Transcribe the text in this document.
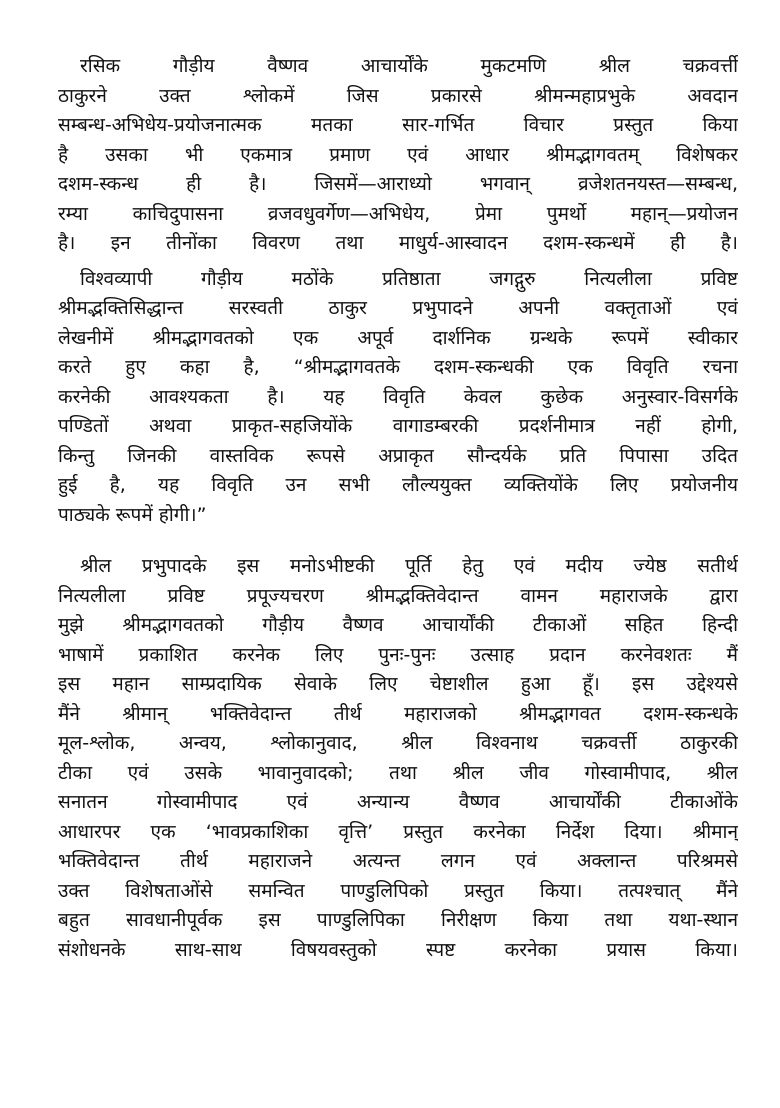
रसिक गौड़ीय वैष्णव आचार्योंके मुकटमणि श्रील चक्रवर्त्ती
ठाकुरने उक्त श्लोकमें जिस प्रकारसे श्रीमन्महाप्रभुके अवदान
सम्बन्ध-अभिधेय-प्रयोजनात्मक मतका सार-गर्भित विचार प्रस्तुत किया
है उसका भी एकमात्र प्रमाण एवं आधार श्रीमद्भागवतम् विशेषकर
दशम-स्कन्ध ही है। जिसमें—आराध्यो भगवान् व्रजेशतनयस्त—सम्बन्ध,
रम्या काचिदुपासना व्रजवधुवर्गेण—अभिधेय, प्रेमा पुमर्थो महान्—प्रयोजन
है। इन तीनोंका विवरण तथा माधुर्य-आस्वादन दशम-स्कन्धमें ही है।
विश्वव्यापी गौड़ीय मठोंके प्रतिष्ठाता जगद्गुरु नित्यलीला प्रविष्ट
श्रीमद्भक्तिसिद्धान्त सरस्वती ठाकुर प्रभुपादने अपनी वक्तृताओं एवं
लेखनीमें श्रीमद्भागवतको एक अपूर्व दार्शनिक ग्रन्थके रूपमें स्वीकार
करते हुए कहा है, “श्रीमद्भागवतके दशम-स्कन्धकी एक विवृति रचना
करनेकी आवश्यकता है। यह विवृति केवल कुछेक अनुस्वार-विसर्गके
पण्डितों अथवा प्राकृत-सहजियोंके वागाडम्बरकी प्रदर्शनीमात्र नहीं होगी,
किन्तु जिनकी वास्तविक रूपसे अप्राकृत सौन्दर्यके प्रति पिपासा उदित
हुई है, यह विवृति उन सभी लौल्ययुक्त व्यक्तियोंके लिए प्रयोजनीय
पाठ्यके रूपमें होगी।”
श्रील प्रभुपादके इस मनोऽभीष्टकी पूर्ति हेतु एवं मदीय ज्येष्ठ सतीर्थ
नित्यलीला प्रविष्ट प्रपूज्यचरण श्रीमद्भक्तिवेदान्त वामन महाराजके द्वारा
मुझे श्रीमद्भागवतको गौड़ीय वैष्णव आचार्योंकी टीकाओं सहित हिन्दी
भाषामें प्रकाशित करनेक लिए पुनः-पुनः उत्साह प्रदान करनेवशतः मैं
इस महान साम्प्रदायिक सेवाके लिए चेष्टाशील हुआ हूँ। इस उद्देश्यसे
मैंने श्रीमान् भक्तिवेदान्त तीर्थ महाराजको श्रीमद्भागवत दशम-स्कन्धके
मूल-श्लोक, अन्वय, श्लोकानुवाद, श्रील विश्वनाथ चक्रवर्त्ती ठाकुरकी
टीका एवं उसके भावानुवादको; तथा श्रील जीव गोस्वामीपाद, श्रील
सनातन गोस्वामीपाद एवं अन्यान्य वैष्णव आचार्योंकी टीकाओंके
आधारपर एक ‘भावप्रकाशिका वृत्ति’ प्रस्तुत करनेका निर्देश दिया। श्रीमान्
भक्तिवेदान्त तीर्थ महाराजने अत्यन्त लगन एवं अक्लान्त परिश्रमसे
उक्त विशेषताओंसे समन्वित पाण्डुलिपिको प्रस्तुत किया। तत्पश्चात् मैंने
बहुत सावधानीपूर्वक इस पाण्डुलिपिका निरीक्षण किया तथा यथा-स्थान
संशोधनके साथ-साथ विषयवस्तुको स्पष्ट करनेका प्रयास किया।
